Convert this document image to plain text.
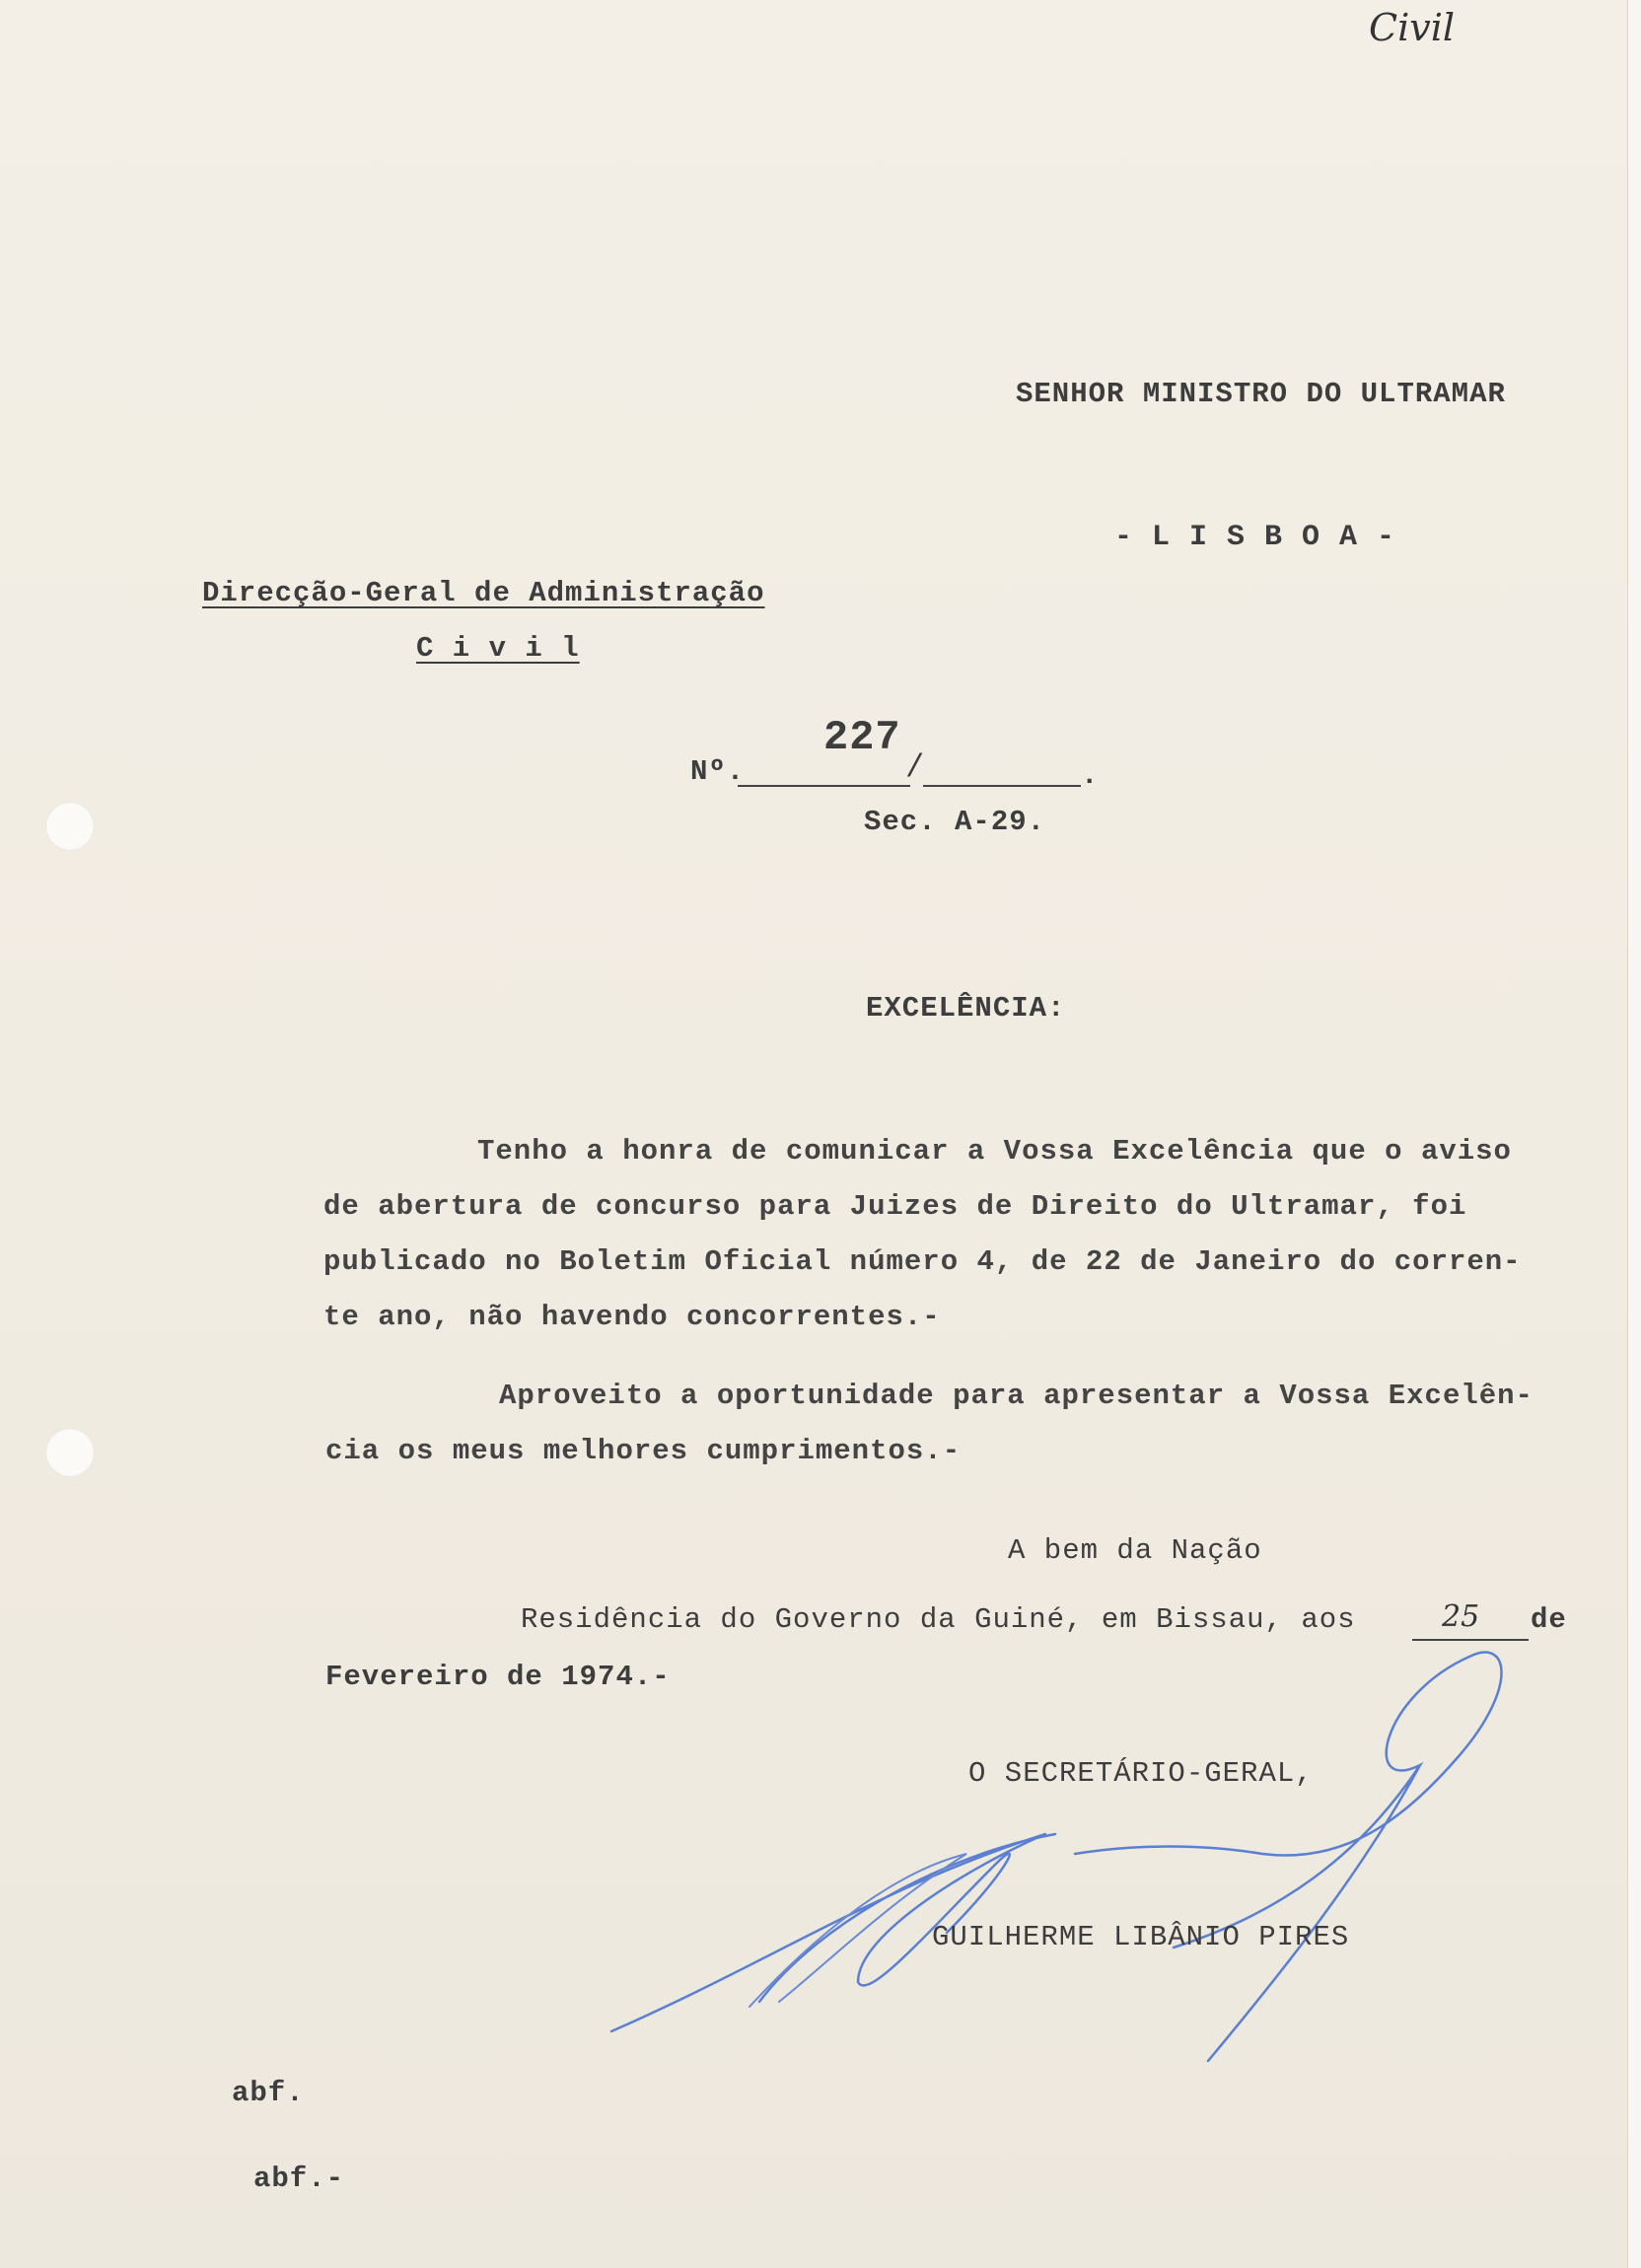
Civil
SENHOR MINISTRO DO ULTRAMAR
- L I S B O A -
Direcção-Geral de Administração
C i v i l
Nº.	/	.
227
Sec. A-29.
EXCELÊNCIA:
Tenho a honra de comunicar a Vossa Excelência que o aviso
de abertura de concurso para Juizes de Direito do Ultramar, foi
publicado no Boletim Oficial número 4, de 22 de Janeiro do corren-
te ano, não havendo concorrentes.-
Aproveito a oportunidade para apresentar a Vossa Excelên-
cia os meus melhores cumprimentos.-
A bem da Nação
Residência do Governo da Guiné, em Bissau, aos	25 de
Fevereiro de 1974.-
O SECRETÁRIO-GERAL,
GUILHERME LIBÂNIO PIRES
abf.
abf.-
